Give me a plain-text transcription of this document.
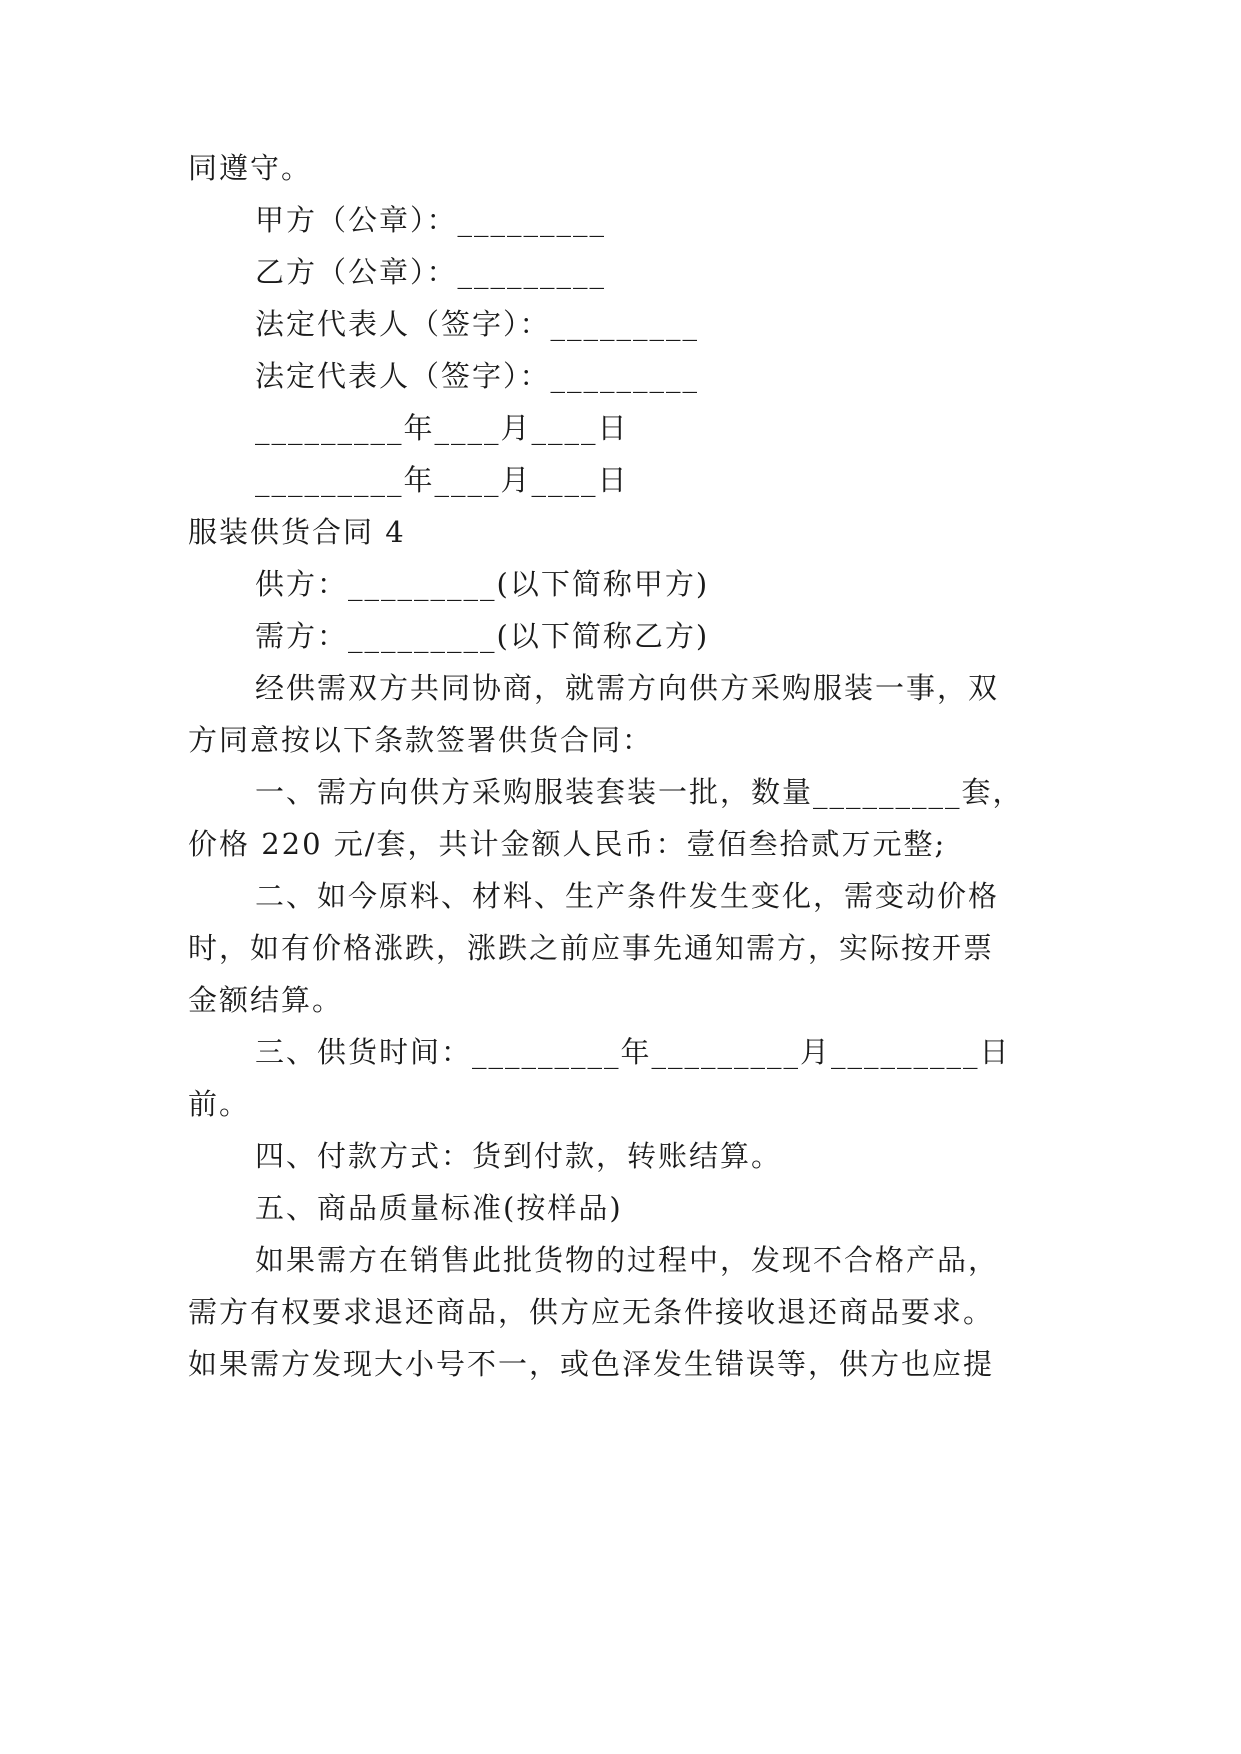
同遵守。
甲方（公章）：_________
乙方（公章）：_________
法定代表人（签字）：_________
法定代表人（签字）：_________
_________年____月____日
_________年____月____日
服装供货合同 4
供方：_________(以下简称甲方)
需方：_________(以下简称乙方)
经供需双方共同协商，就需方向供方采购服装一事，双
方同意按以下条款签署供货合同：
一、需方向供方采购服装套装一批，数量_________套，
价格 220 元/套，共计金额人民币：壹佰叁拾贰万元整;
二、如今原料、材料、生产条件发生变化，需变动价格
时，如有价格涨跌，涨跌之前应事先通知需方，实际按开票
金额结算。
三、供货时间：_________年_________月_________日
前。
四、付款方式：货到付款，转账结算。
五、商品质量标准(按样品)
如果需方在销售此批货物的过程中，发现不合格产品，
需方有权要求退还商品，供方应无条件接收退还商品要求。
如果需方发现大小号不一，或色泽发生错误等，供方也应提
